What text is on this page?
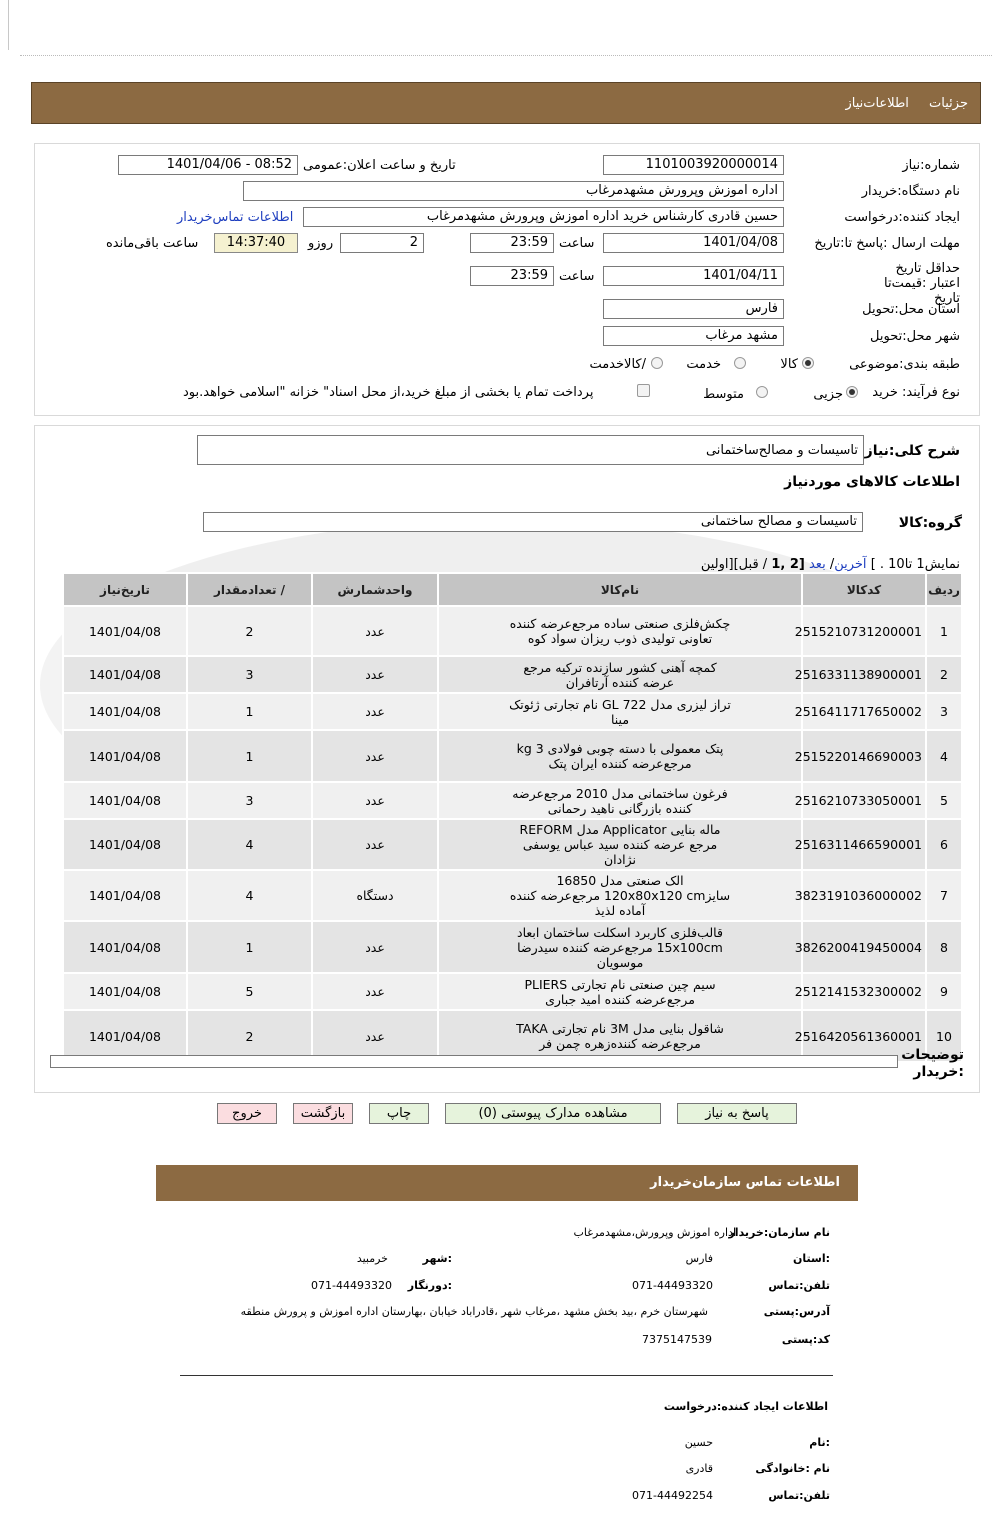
جزئیات اطلاعات‌نیاز
شماره:نیاز
1101003920000014
تاریخ و ساعت اعلان:عمومی
1401/04/06 - 08:52
نام دستگاه:خریدار
اداره اموزش وپرورش مشهدمرغاب
ایجاد کننده:درخواست
حسین قادری کارشناس خرید اداره اموزش وپرورش مشهدمرغاب
اطلاعات تماس‌خریدار
مهلت ارسال :پاسخ تا:تاریخ
1401/04/08
ساعت
23:59
2
روزو
14:37:40
ساعت باقی‌مانده
حداقل تاریخ اعتبار :قیمت‌تا تاریخ
1401/04/11
ساعت
23:59
استان محل:تحویل
فارس
شهر محل:تحویل
مشهد مرغاب
طبقه بندی:موضوعی
کالا
خدمت
/کالاخدمت
نوع فرآیند: خرید
جزیی
متوسط
پرداخت تمام یا بخشی از مبلغ خرید،از محل اسناد" خزانه "اسلامی خواهد.بود
شرح کلی:نیاز
تاسیسات و مصالح‌ساختمانی
اطلاعات کالاهای موردنیاز
گروه:کالا
تاسیسات و مصالح ساختمانی
نمایش1 تا10 . ] آخرین/ بعد [2 ,1 / قبل][اولین
ردیف	کدکالا	نام‌کالا	واحدشمارش	/ تعدادمقدار	تاریخ‌نیاز
1	2515210731200001	چکش‌فلزی صنعتی ساده مرجع‌عرضه کننده تعاونی تولیدی ذوب ریزان سواد کوه	عدد	2	1401/04/08
2	2516331138900001	کمچه آهنی کشور سازنده ترکیه مرجع عرضه کننده آرتافران	عدد	3	1401/04/08
3	2516411717650002	تراز لیزری مدل GL 722 نام تجارتی ژئوتک مینا	عدد	1	1401/04/08
4	2515220146690003	پتک معمولی با دسته چوبی فولادی 3 kg مرجع‌عرضه کننده ایران پتک	عدد	1	1401/04/08
5	2516210733050001	فرغون ساختمانی مدل 2010 مرجع‌عرضه کننده بازرگانی ناهید رحمانی	عدد	3	1401/04/08
6	2516311466590001	ماله بنایی Applicator مدل REFORM مرجع عرضه کننده سید عباس یوسفی نژادان	عدد	4	1401/04/08
7	3823191036000002	الک صنعتی مدل 16850 سایز120x80x120 cm مرجع‌عرضه کننده آماده لذیذ	دستگاه	4	1401/04/08
8	3826200419450004	قالب‌فلزی کاربرد اسکلت ساختمان ابعاد 15x100cm مرجع‌عرضه کننده سیدرضا موسویان	عدد	1	1401/04/08
9	2512141532300002	سیم چین صنعتی نام تجارتی PLIERS مرجع‌عرضه کننده امید جباری	عدد	5	1401/04/08
10	2516420561360001	شاقول بنایی مدل 3M نام تجارتی TAKA مرجع‌عرضه کننده‌زهره چمن فر	عدد	2	1401/04/08
توضیحات :خریدار
پاسخ به نیاز
مشاهده مدارک پیوستی (0)
چاپ
بازگشت
خروج
اطلاعات تماس سازمان‌خریدار
نام سازمان:خریدار
اداره اموزش وپرورش،مشهدمرغاب
:استان
فارس
:شهر
خرمبید
تلفن:تماس
071-44493320
:دورنگار
071-44493320
آدرس:پستی
شهرستان خرم ،بید بخش مشهد ،مرغاب شهر ،قادراباد خیابان ،بهارستان اداره اموزش و پرورش منطقه
کد:پستی
7375147539
اطلاعات ایجاد کننده:درخواست
:نام
حسین
نام :خانوادگی
قادری
تلفن:تماس
071-44492254
